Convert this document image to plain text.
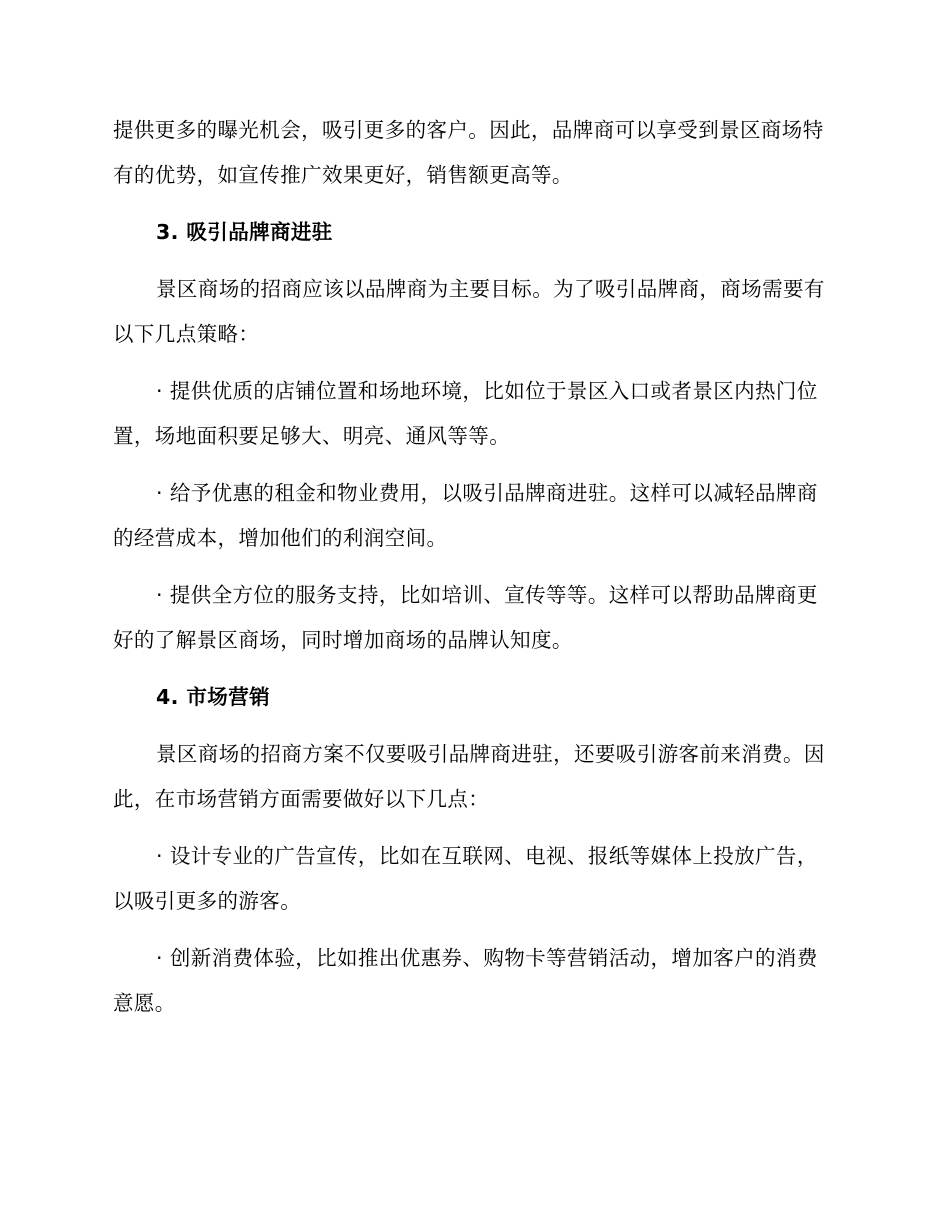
提供更多的曝光机会，吸引更多的客户。因此，品牌商可以享受到景区商场特有的优势，如宣传推广效果更好，销售额更高等。

3. 吸引品牌商进驻

景区商场的招商应该以品牌商为主要目标。为了吸引品牌商，商场需要有以下几点策略：

· 提供优质的店铺位置和场地环境，比如位于景区入口或者景区内热门位置，场地面积要足够大、明亮、通风等等。

· 给予优惠的租金和物业费用，以吸引品牌商进驻。这样可以减轻品牌商的经营成本，增加他们的利润空间。

· 提供全方位的服务支持，比如培训、宣传等等。这样可以帮助品牌商更好的了解景区商场，同时增加商场的品牌认知度。

4. 市场营销

景区商场的招商方案不仅要吸引品牌商进驻，还要吸引游客前来消费。因此，在市场营销方面需要做好以下几点：

· 设计专业的广告宣传，比如在互联网、电视、报纸等媒体上投放广告，以吸引更多的游客。

· 创新消费体验，比如推出优惠券、购物卡等营销活动，增加客户的消费意愿。
